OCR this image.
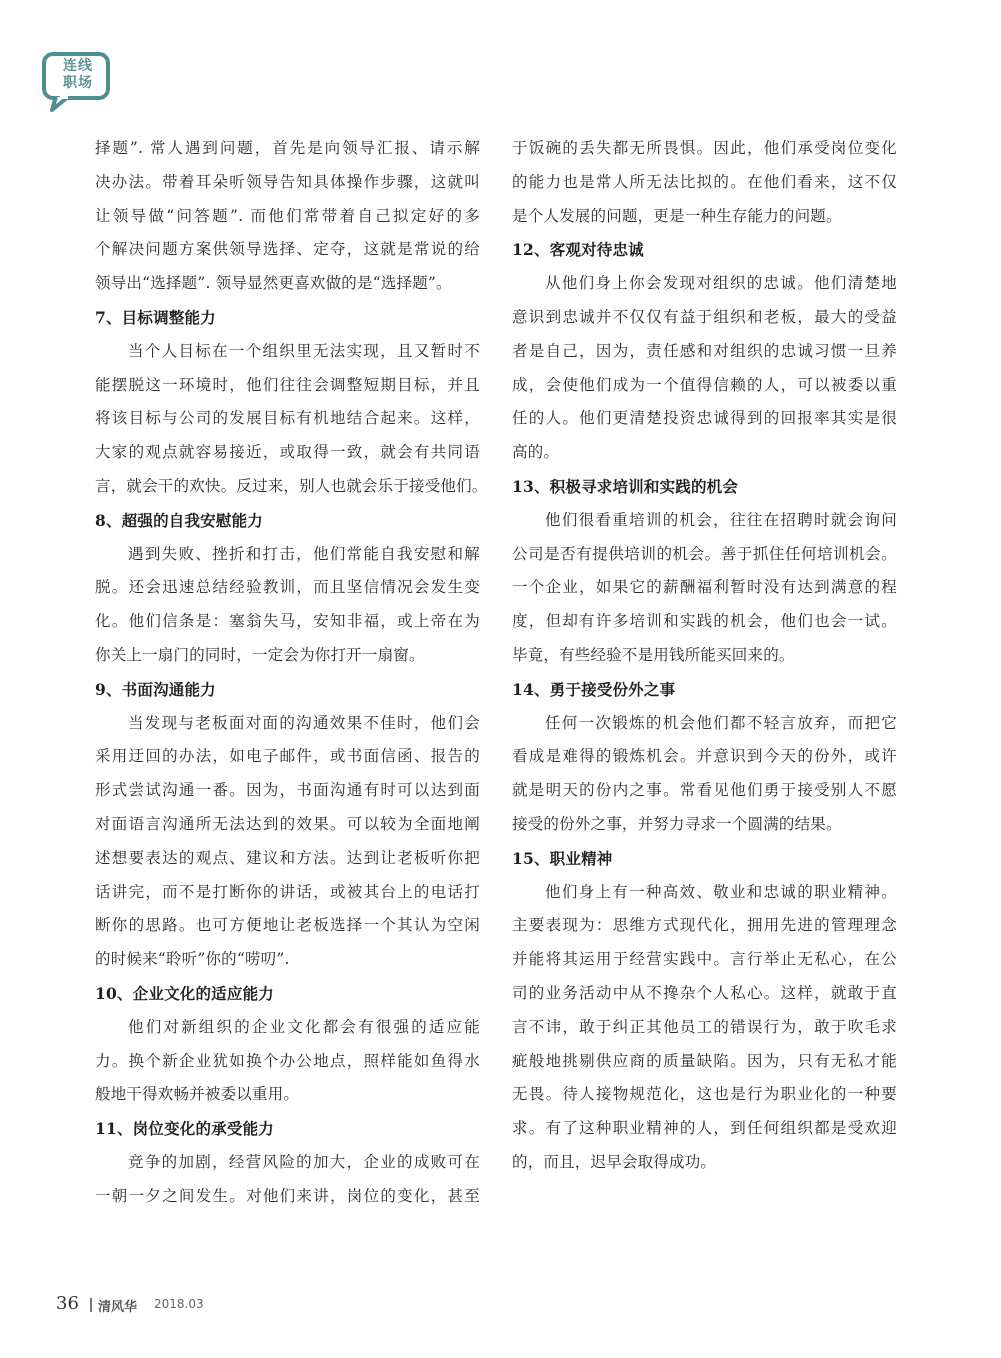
连线
职场

择题”. 常人遇到问题，首先是向领导汇报、请示解

决办法。带着耳朵听领导告知具体操作步骤，这就叫

让领导做“问答题”. 而他们常带着自己拟定好的多

个解决问题方案供领导选择、定夺，这就是常说的给

领导出“选择题”. 领导显然更喜欢做的是“选择题”。

7、目标调整能力

当个人目标在一个组织里无法实现，且又暂时不

能摆脱这一环境时，他们往往会调整短期目标，并且

将该目标与公司的发展目标有机地结合起来。这样，

大家的观点就容易接近，或取得一致，就会有共同语

言，就会干的欢快。反过来，别人也就会乐于接受他们。

8、超强的自我安慰能力

遇到失败、挫折和打击，他们常能自我安慰和解

脱。还会迅速总结经验教训，而且坚信情况会发生变

化。他们信条是：塞翁失马，安知非福，或上帝在为

你关上一扇门的同时，一定会为你打开一扇窗。

9、书面沟通能力

当发现与老板面对面的沟通效果不佳时，他们会

采用迂回的办法，如电子邮件，或书面信函、报告的

形式尝试沟通一番。因为，书面沟通有时可以达到面

对面语言沟通所无法达到的效果。可以较为全面地阐

述想要表达的观点、建议和方法。达到让老板听你把

话讲完，而不是打断你的讲话，或被其台上的电话打

断你的思路。也可方便地让老板选择一个其认为空闲

的时候来“聆听”你的“唠叨”.

10、企业文化的适应能力

他们对新组织的企业文化都会有很强的适应能

力。换个新企业犹如换个办公地点，照样能如鱼得水

般地干得欢畅并被委以重用。

11、岗位变化的承受能力

竞争的加剧，经营风险的加大，企业的成败可在

一朝一夕之间发生。对他们来讲，岗位的变化，甚至

于饭碗的丢失都无所畏惧。因此，他们承受岗位变化

的能力也是常人所无法比拟的。在他们看来，这不仅

是个人发展的问题，更是一种生存能力的问题。

12、客观对待忠诚

从他们身上你会发现对组织的忠诚。他们清楚地

意识到忠诚并不仅仅有益于组织和老板，最大的受益

者是自己，因为，责任感和对组织的忠诚习惯一旦养

成，会使他们成为一个值得信赖的人，可以被委以重

任的人。他们更清楚投资忠诚得到的回报率其实是很

高的。

13、积极寻求培训和实践的机会

他们很看重培训的机会，往往在招聘时就会询问

公司是否有提供培训的机会。善于抓住任何培训机会。

一个企业，如果它的薪酬福利暂时没有达到满意的程

度，但却有许多培训和实践的机会，他们也会一试。

毕竟，有些经验不是用钱所能买回来的。

14、勇于接受份外之事

任何一次锻炼的机会他们都不轻言放弃，而把它

看成是难得的锻炼机会。并意识到今天的份外，或许

就是明天的份内之事。常看见他们勇于接受别人不愿

接受的份外之事，并努力寻求一个圆满的结果。

15、职业精神

他们身上有一种高效、敬业和忠诚的职业精神。

主要表现为：思维方式现代化，拥用先进的管理理念

并能将其运用于经营实践中。言行举止无私心，在公

司的业务活动中从不搀杂个人私心。这样，就敢于直

言不讳，敢于纠正其他员工的错误行为，敢于吹毛求

疵般地挑剔供应商的质量缺陷。因为，只有无私才能

无畏。待人接物规范化，这也是行为职业化的一种要

求。有了这种职业精神的人，到任何组织都是受欢迎

的，而且，迟早会取得成功。

36 清风华 2018.03
